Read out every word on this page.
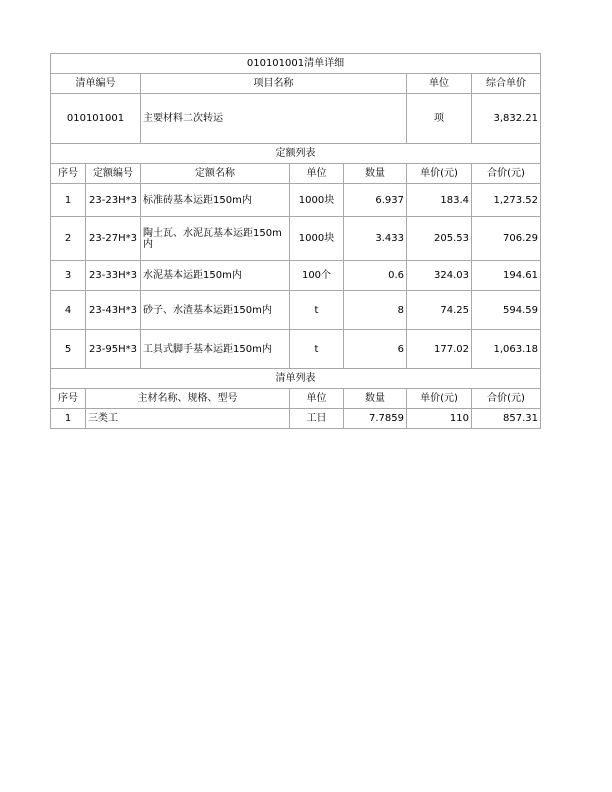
010101001清单详细						
清单编号		项目名称			单位	综合单价
010101001		主要材料二次转运			项	3,832.21
定额列表						
序号	定额编号	定额名称	单位	数量	单价(元)	合价(元)
1	23-23H*3	标准砖基本运距150m内	1000块	6.937	183.4	1,273.52
2	23-27H*3	陶土瓦、水泥瓦基本运距150m内	1000块	3.433	205.53	706.29
3	23-33H*3	水泥基本运距150m内	100个	0.6	324.03	194.61
4	23-43H*3	砂子、水渣基本运距150m内	t	8	74.25	594.59
5	23-95H*3	工具式脚手基本运距150m内	t	6	177.02	1,063.18
清单列表						
序号	主材名称、规格、型号		单位	数量	单价(元)	合价(元)
1	三类工		工日	7.7859	110	857.31
